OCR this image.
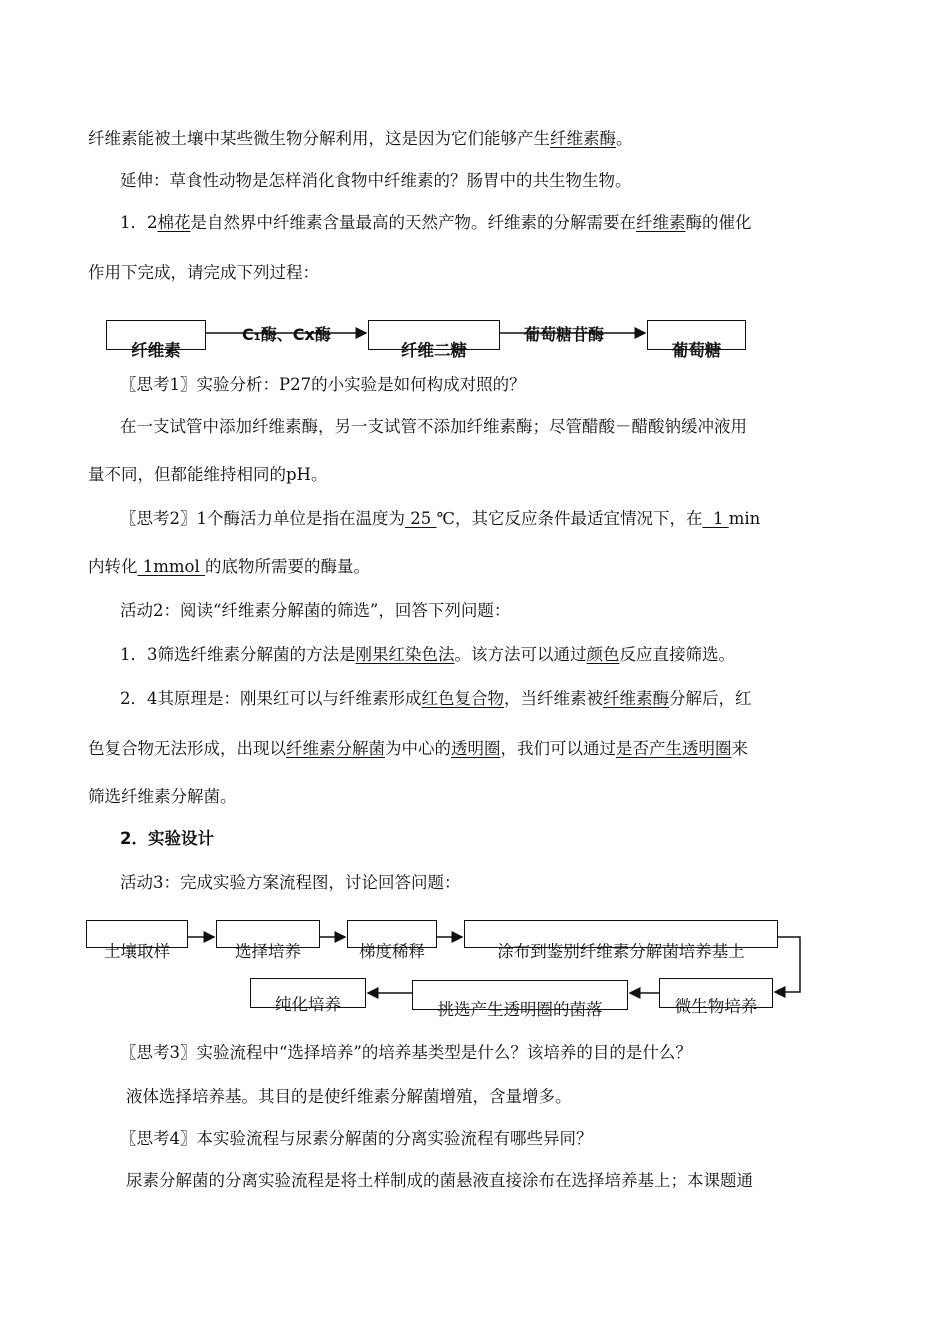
纤维素能被土壤中某些微生物分解利用，这是因为它们能够产生纤维素酶。
延伸：草食性动物是怎样消化食物中纤维素的？肠胃中的共生物生物。
1．2棉花是自然界中纤维素含量最高的天然产物。纤维素的分解需要在纤维素酶的催化
作用下完成，请完成下列过程：
纤维素
C₁酶、Cx酶
纤维二糖
葡萄糖苷酶
葡萄糖
〖思考1〗实验分析：P27的小实验是如何构成对照的？
在一支试管中添加纤维素酶，另一支试管不添加纤维素酶；尽管醋酸－醋酸钠缓冲液用
量不同，但都能维持相同的pH。
〖思考2〗1个酶活力单位是指在温度为 25 ℃，其它反应条件最适宜情况下，在  1 min
内转化 1mmol 的底物所需要的酶量。
活动2：阅读“纤维素分解菌的筛选”，回答下列问题：
1．3筛选纤维素分解菌的方法是刚果红染色法。该方法可以通过颜色反应直接筛选。
2．4其原理是：刚果红可以与纤维素形成红色复合物，当纤维素被纤维素酶分解后，红
色复合物无法形成，出现以纤维素分解菌为中心的透明圈，我们可以通过是否产生透明圈来
筛选纤维素分解菌。
2．实验设计
活动3：完成实验方案流程图，讨论回答问题：
土壤取样	选择培养	梯度稀释	涂布到鉴别纤维素分解菌培养基上
纯化培养	挑选产生透明圈的菌落	微生物培养
〖思考3〗实验流程中“选择培养”的培养基类型是什么？该培养的目的是什么？
液体选择培养基。其目的是使纤维素分解菌增殖，含量增多。
〖思考4〗本实验流程与尿素分解菌的分离实验流程有哪些异同？
尿素分解菌的分离实验流程是将土样制成的菌悬液直接涂布在选择培养基上；本课题通
